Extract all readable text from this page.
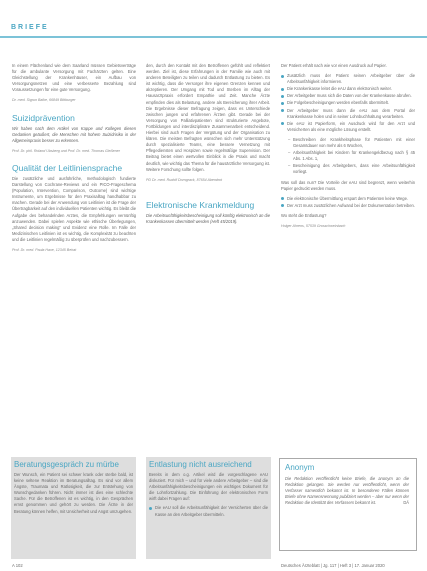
BRIEFE

In einem Flächenland wie dem Saarland müssen Gebietsverträge für die ambulante Versorgung mit Fachärzten gelten. Eine Gleichstellung der Krankenhäuser, ein Aufbau von Versorgungsnetzen und eine verbesserte Bezahlung sind Voraussetzungen für eine gute Versorgung.

Dr. med. Sigrun Balke, 66849 Bittburger

Suizidprävention

Wir haben nach dem Artikel von Kappe und Kollegen diesen Gedanken geäußert, die Menschen mit hohem Suizidrisiko in der Allgemeinpraxis besser zu erkennen.

Prof. Dr. phil. Roland Ubsberg und Prof. Dr. med. Thomas Gießener

Qualität der Leitliniensprache

Die zusätzliche und ausführliche, methodologisch fundierte Darstellung von Cochrane-Reviews und ein PICO-Frageschema (Population, Intervention, Comparison, Outcome) sind wichtige Instrumente, um Ergebnisse für den Praxisalltag handhabbar zu machen. Gerade bei der Anwendung von Leitlinien ist die Frage der Übertragbarkeit auf den individuellen Patienten wichtig. Es bleibt die Aufgabe des behandelnden Arztes, die Empfehlungen vernünftig anzuwenden. Dabei spielen Aspekte wie ethische Überlegungen, „Shared decision making“ und Evidenz eine Rolle. Im Falle der Medizinischen Leitlinien ist es wichtig, die Komplexität zu beachten und die Leitlinien regelmäßig zu überprüfen und nachzubessern.

Prof. Dr. med. Paula Haxe, 12345 Beirat

Beratungsgespräch zu mürbe
Der Wunsch, ein Patient sei schwer krank oder sterbe bald, ist keine seltene Reaktion im Beratungsalltag. Es sind vor allem Ängste, Traumata und Ratlosigkeit, die zur Entstehung von Wunschgedanken führen. Nicht immer ist dies eine schlechte Sache. Für die Betroffenen ist es wichtig, in den Gesprächen ernst genommen und gehört zu werden. Die Ärzte in der Beratung können helfen, mit Unsicherheit und Angst umzugehen.

den, durch den Kontakt mit den Betroffenen gefühlt und reflektiert werden. Ziel ist, diese Erfahrungen in der Familie wie auch mit anderen Beteiligten zu teilen und dadurch Entlastung zu bieten. Es ist wichtig, dass die Versorger ihre eigenen Grenzen kennen und akzeptieren. Der Umgang mit Tod und Sterben im Alltag der Hausarztpraxis erfordert Empathie und Zeit. Manche Ärzte empfinden dies als Belastung, andere als Bereicherung ihrer Arbeit. Die Ergebnisse dieser Befragung zeigen, dass es Unterschiede zwischen jungen und erfahrenen Ärzten gibt. Gerade bei der Versorgung von Palliativpatienten sind strukturierte Angebote, Fortbildungen und interdisziplinäre Zusammenarbeit entscheidend. Hierbei sind auch Fragen der Vergütung und der Organisation zu klären. Die meisten Befragten wünschen sich mehr Unterstützung durch spezialisierte Teams, eine bessere Vernetzung mit Pflegediensten und Hospizen sowie regelmäßige Supervision. Der Beitrag bietet einen wertvollen Einblick in die Praxis und macht deutlich, wie wichtig das Thema für die hausärztliche Versorgung ist. Weitere Forschung sollte folgen.

PD Dr. med. Rudolf Dorngrack, 87654 Abendrot

Elektronische Krankmeldung

Die Arbeitsunfähigkeitsbescheinigung soll künftig elektronisch an die Krankenkassen übermittelt werden (Heft 45/2019).

Entlastung nicht ausreichend

Bereits in dem o.g. Artikel wird die vorgeschlagene eAU diskutiert. Für mich – und für viele andere Arbeitgeber – sind die Arbeitsunfähigkeitsbescheinigungen ein wichtiges Dokument für die Lohnfortzahlung. Die Einführung der elektronischen Form wirft dabei Fragen auf:

Die eAU soll die Arbeitsunfähigkeit der Versicherten über die Kasse an den Arbeitgeber übermitteln.

Der Patient erhält nach wie vor einen Ausdruck auf Papier.

Zusätzlich muss der Patient seinen Arbeitgeber über die Arbeitsunfähigkeit informieren.
Die Krankenkasse leitet die eAU dann elektronisch weiter.
Der Arbeitgeber muss sich die Daten von der Krankenkasse abrufen.
Die Folgebescheinigungen werden ebenfalls übermittelt.
Der Arbeitgeber muss dann die eAU aus dem Portal der Krankenkasse holen und in seiner Lohnbuchhaltung verarbeiten.
Die eAU ist Papierform, ein Ausdruck wird für den Arzt und Versicherten als eine mögliche Lösung erstellt.
– Beschreiben der Krankheitsphase für Patienten mit einer Gesamtdauer von mehr als 6 Wochen,
– Arbeitsunfähigkeit bei Kindern für Krankengeldbezug nach § 45 Abs. 1 Abs. 1,
– Bescheinigung des Arbeitgebers, dass eine Arbeitsunfähigkeit vorliegt.

Was soll das nun? Die Vorteile der eAU sind begrenzt, wenn weiterhin Papier gedruckt werden muss.

Die elektronische Übermittlung erspart dem Patienten keine Wege.
Der Arzt muss zusätzlichen Aufwand bei der Dokumentation betreiben.

Wo steht die Entlastung?

Holger Ahrens, 57539 Grosschweinbach

Anonym
Die Redaktion veröffentlicht keine Briefe, die anonym an die Redaktion gelangen. Sie werden nur veröffentlicht, wenn der Verfasser namentlich bekannt ist. In besonderen Fällen können Briefe ohne Namensnennung publiziert werden – aber nur wenn der Redaktion die Identität des Verfassers bekannt ist.	DÄ
A 102	Deutsches Ärzteblatt | Jg. 117 | Heft 3 | 17. Januar 2020
